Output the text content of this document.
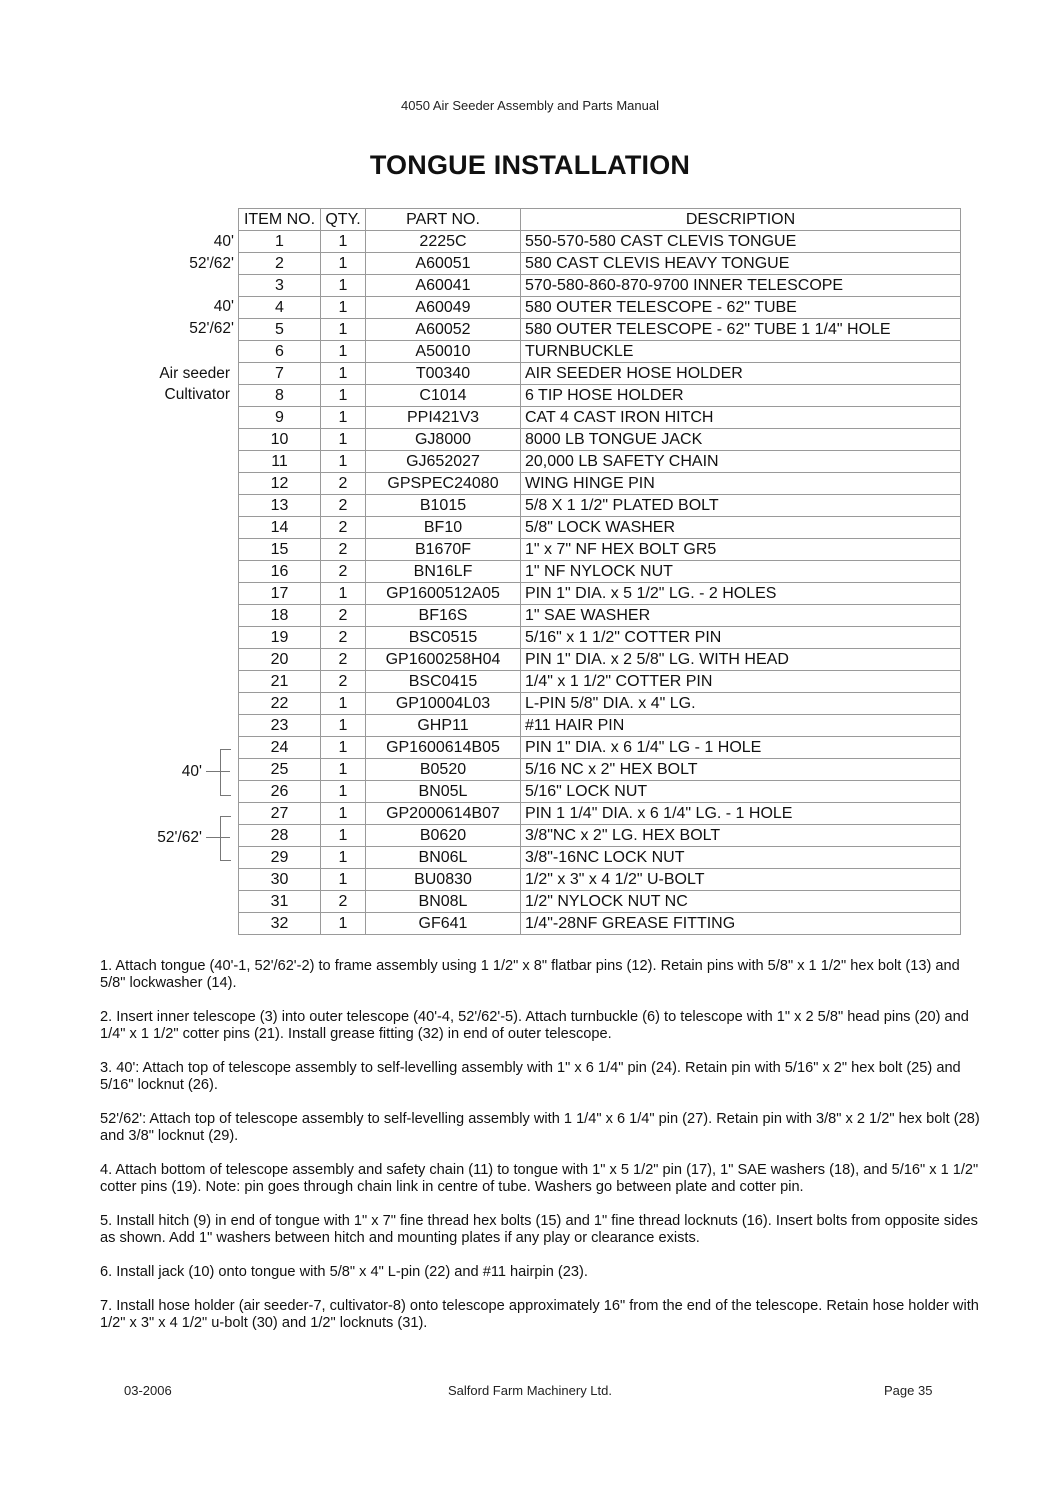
4050 Air Seeder Assembly and Parts Manual
TONGUE INSTALLATION
ITEM NO.	QTY.	PART NO.	DESCRIPTION
1	1	2225C	550-570-580 CAST CLEVIS TONGUE
2	1	A60051	580 CAST CLEVIS HEAVY TONGUE
3	1	A60041	570-580-860-870-9700 INNER TELESCOPE
4	1	A60049	580 OUTER TELESCOPE - 62" TUBE
5	1	A60052	580 OUTER TELESCOPE - 62" TUBE 1 1/4" HOLE
6	1	A50010	TURNBUCKLE
7	1	T00340	AIR SEEDER HOSE HOLDER
8	1	C1014	6 TIP HOSE HOLDER
9	1	PPI421V3	CAT 4 CAST IRON HITCH
10	1	GJ8000	8000 LB TONGUE JACK
11	1	GJ652027	20,000 LB SAFETY CHAIN
12	2	GPSPEC24080	WING HINGE PIN
13	2	B1015	5/8 X 1 1/2" PLATED BOLT
14	2	BF10	5/8" LOCK WASHER
15	2	B1670F	1" x 7" NF HEX BOLT GR5
16	2	BN16LF	1" NF NYLOCK NUT
17	1	GP1600512A05	PIN 1" DIA. x 5 1/2" LG. - 2 HOLES
18	2	BF16S	1" SAE WASHER
19	2	BSC0515	5/16" x 1 1/2" COTTER PIN
20	2	GP1600258H04	PIN 1" DIA. x 2 5/8" LG. WITH HEAD
21	2	BSC0415	1/4" x 1 1/2" COTTER PIN
22	1	GP10004L03	L-PIN 5/8" DIA. x 4" LG.
23	1	GHP11	#11 HAIR PIN
24	1	GP1600614B05	PIN 1" DIA. x 6 1/4" LG - 1 HOLE
25	1	B0520	5/16 NC x 2" HEX BOLT
26	1	BN05L	5/16" LOCK NUT
27	1	GP2000614B07	PIN 1 1/4" DIA. x 6 1/4" LG. - 1 HOLE
28	1	B0620	3/8"NC x 2" LG. HEX BOLT
29	1	BN06L	3/8"-16NC LOCK NUT
30	1	BU0830	1/2" x 3" x 4 1/2" U-BOLT
31	2	BN08L	1/2" NYLOCK NUT NC
32	1	GF641	1/4"-28NF GREASE FITTING
40'
52'/62'
40'
52'/62'
Air seeder
Cultivator
40'
52'/62'

1. Attach tongue (40'-1, 52'/62'-2) to frame assembly using 1 1/2" x 8" flatbar pins (12). Retain pins with 5/8" x 1 1/2" hex bolt (13) and 5/8" lockwasher (14).

2. Insert inner telescope (3) into outer telescope (40'-4, 52'/62'-5). Attach turnbuckle (6) to telescope with 1" x 2 5/8" head pins (20) and 1/4" x 1 1/2" cotter pins (21). Install grease fitting (32) in end of outer telescope.

3. 40': Attach top of telescope assembly to self-levelling assembly with 1" x 6 1/4" pin (24). Retain pin with 5/16" x 2" hex bolt (25) and 5/16" locknut (26).

52'/62': Attach top of telescope assembly to self-levelling assembly with 1 1/4" x 6 1/4" pin (27). Retain pin with 3/8" x 2 1/2" hex bolt (28) and 3/8" locknut (29).

4. Attach bottom of telescope assembly and safety chain (11) to tongue with 1" x 5 1/2" pin (17), 1" SAE washers (18), and 5/16" x 1 1/2" cotter pins (19). Note: pin goes through chain link in centre of tube. Washers go between plate and cotter pin.

5. Install hitch (9) in end of tongue with 1" x 7" fine thread hex bolts (15) and 1" fine thread locknuts (16). Insert bolts from opposite sides as shown. Add 1" washers between hitch and mounting plates if any play or clearance exists.

6. Install jack (10) onto tongue with 5/8" x 4" L-pin (22) and #11 hairpin (23).

7. Install hose holder (air seeder-7, cultivator-8) onto telescope approximately 16" from the end of the telescope. Retain hose holder with 1/2" x 3" x 4 1/2" u-bolt (30) and 1/2" locknuts (31).

03-2006	Salford Farm Machinery Ltd.	Page 35
